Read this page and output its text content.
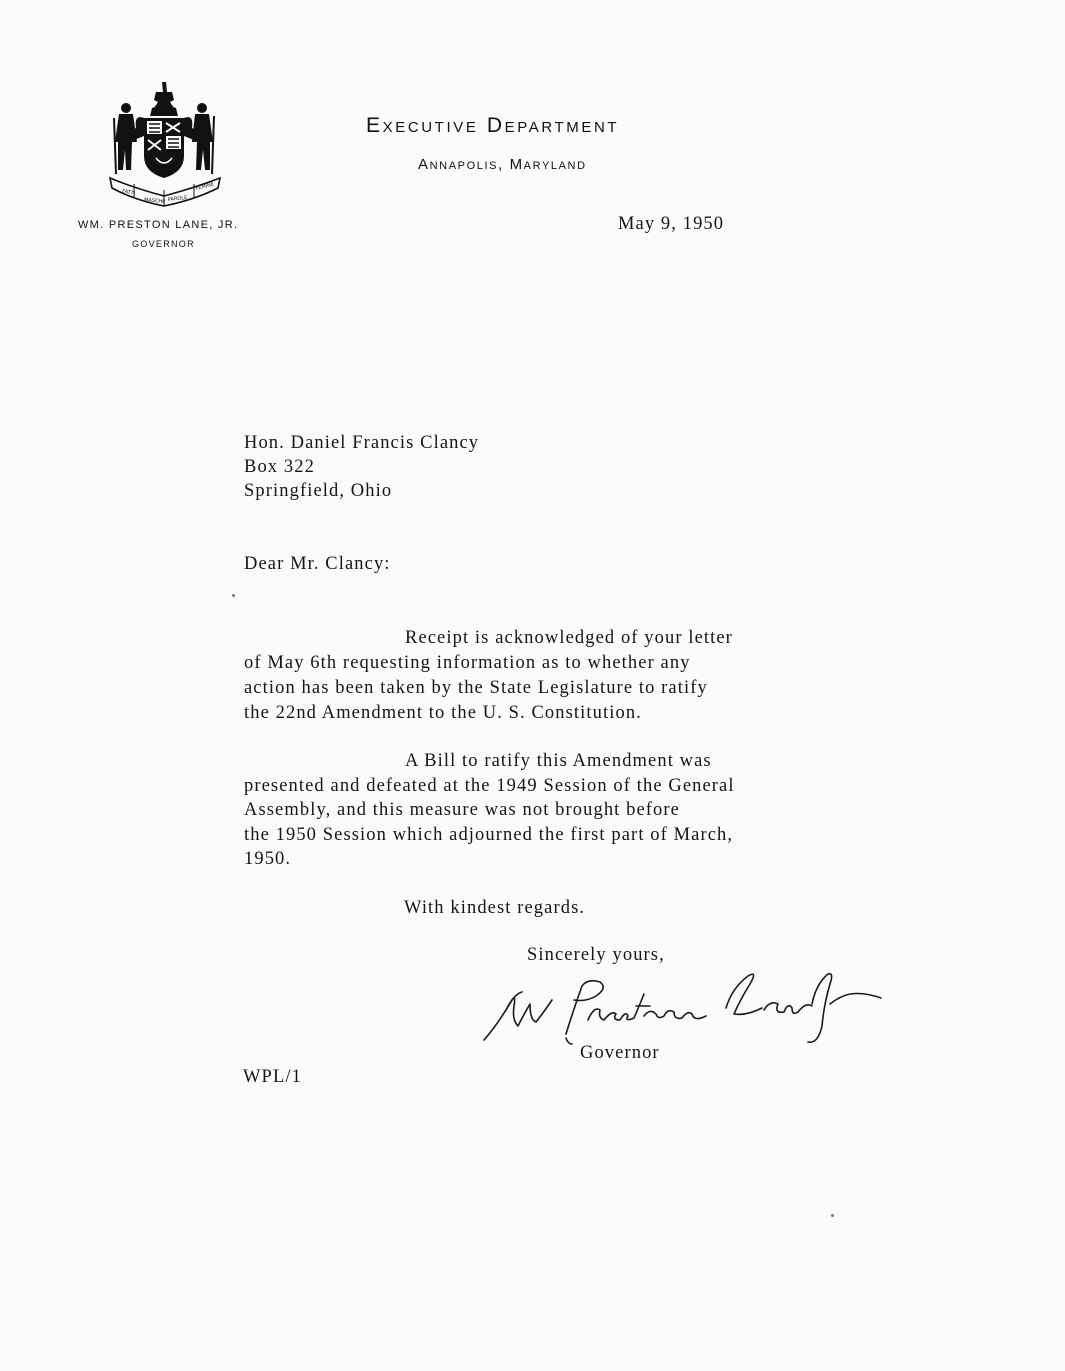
FATTI
MASCHII PAROLE
FEMINE
Executive Department
Annapolis, Maryland
WM. PRESTON LANE, JR.
GOVERNOR
May 9, 1950
Hon. Daniel Francis Clancy
Box 322
Springfield, Ohio
Dear Mr. Clancy:
Receipt is acknowledged of your letter
of May 6th requesting information as to whether any
action has been taken by the State Legislature to ratify
the 22nd Amendment to the U. S. Constitution.
A Bill to ratify this Amendment was
presented and defeated at the 1949 Session of the General
Assembly, and this measure was not brought before
the 1950 Session which adjourned the first part of March,
1950.
With kindest regards.
Sincerely yours,
Governor
WPL/1
